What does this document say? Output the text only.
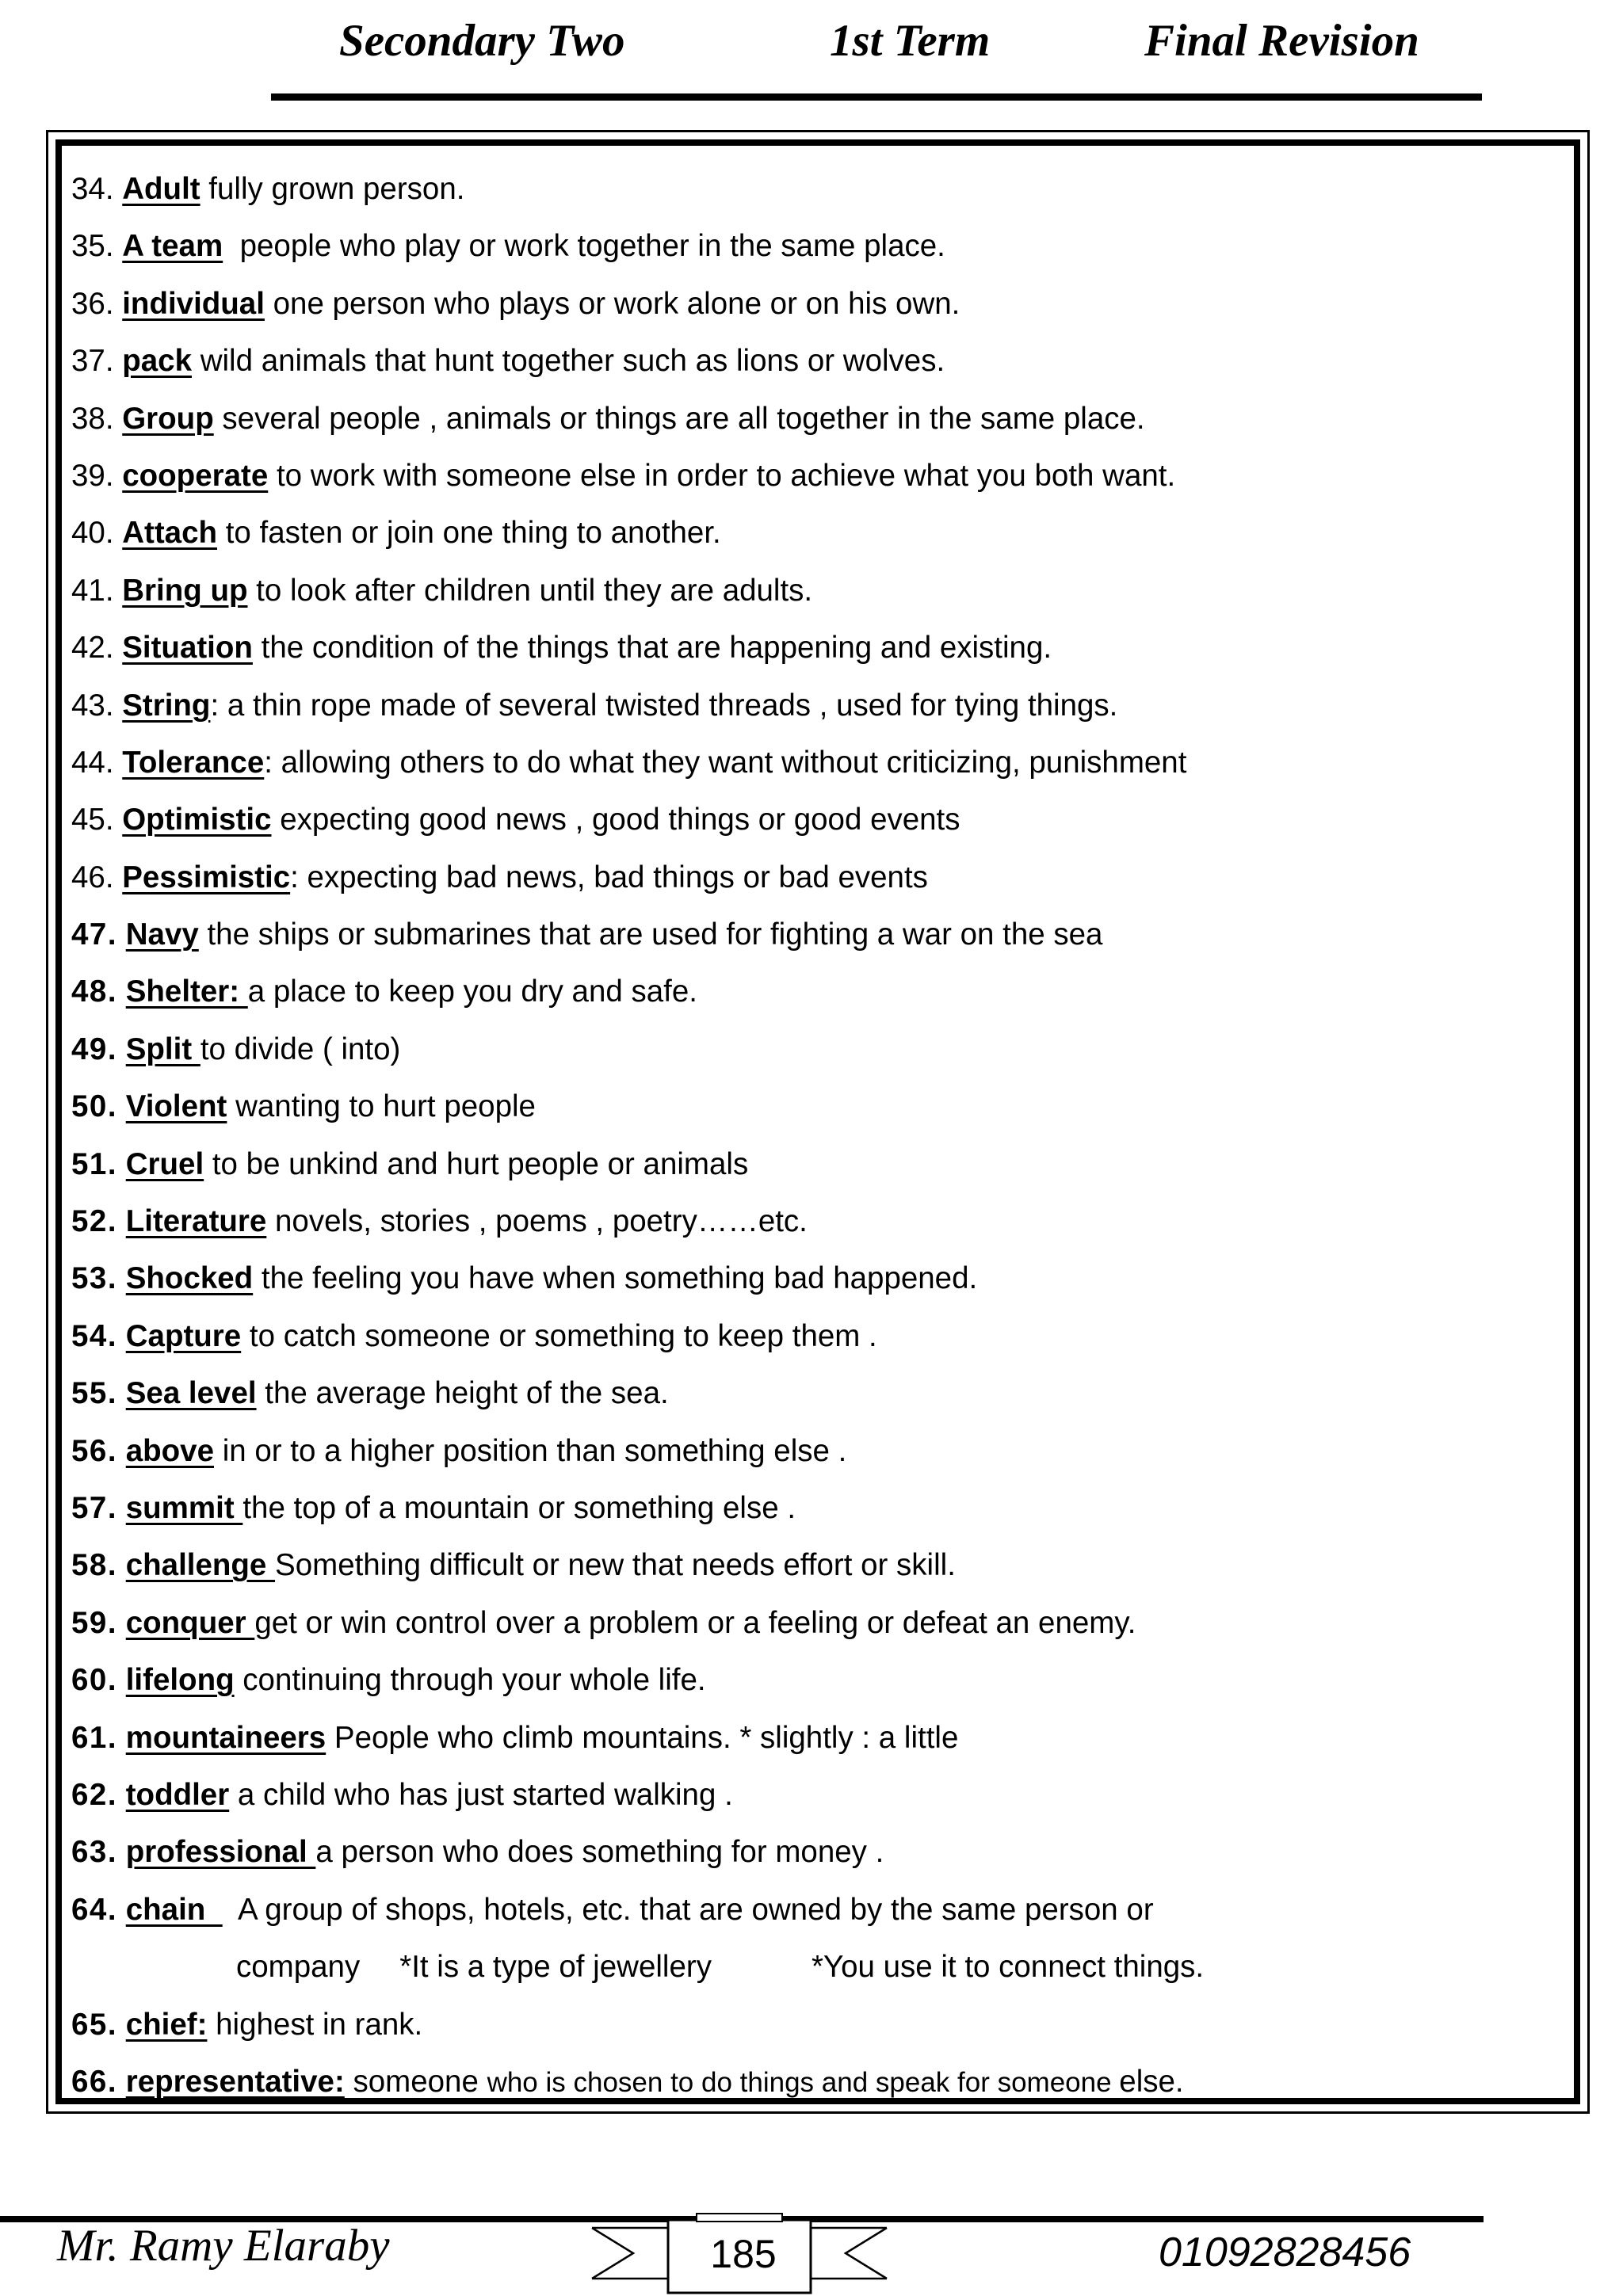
Secondary Two	1st Term	Final Revision
34. Adult fully grown person.
35. A team  people who play or work together in the same place.
36. individual one person who plays or work alone or on his own.
37. pack wild animals that hunt together such as lions or wolves.
38. Group several people , animals or things are all together in the same place.
39. cooperate to work with someone else in order to achieve what you both want.
40. Attach to fasten or join one thing to another.
41. Bring up to look after children until they are adults.
42. Situation the condition of the things that are happening and existing.
43. String: a thin rope made of several twisted threads , used for tying things.
44. Tolerance: allowing others to do what they want without criticizing, punishment
45. Optimistic expecting good news , good things or good events
46. Pessimistic: expecting bad news, bad things or bad events
47. Navy the ships or submarines that are used for fighting a war on the sea
48. Shelter: a place to keep you dry and safe.
49. Split to divide ( into)
50. Violent wanting to hurt people
51. Cruel to be unkind and hurt people or animals
52. Literature novels, stories , poems , poetry……etc.
53. Shocked the feeling you have when something bad happened.
54. Capture to catch someone or something to keep them .
55. Sea level the average height of the sea.
56. above in or to a higher position than something else .
57. summit the top of a mountain or something else .
58. challenge Something difficult or new that needs effort or skill.
59. conquer get or win control over a problem or a feeling or defeat an enemy.
60. lifelong continuing through your whole life.
61. mountaineers People who climb mountains. * slightly : a little
62. toddler a child who has just started walking .
63. professional a person who does something for money .
64. chain    A group of shops, hotels, etc. that are owned by the same person or
company *It is a type of jewellery	*You use it to connect things.
65. chief: highest in rank.
66. representative: someone who is chosen to do things and speak for someone else.
Mr. Ramy Elaraby	185	01092828456
